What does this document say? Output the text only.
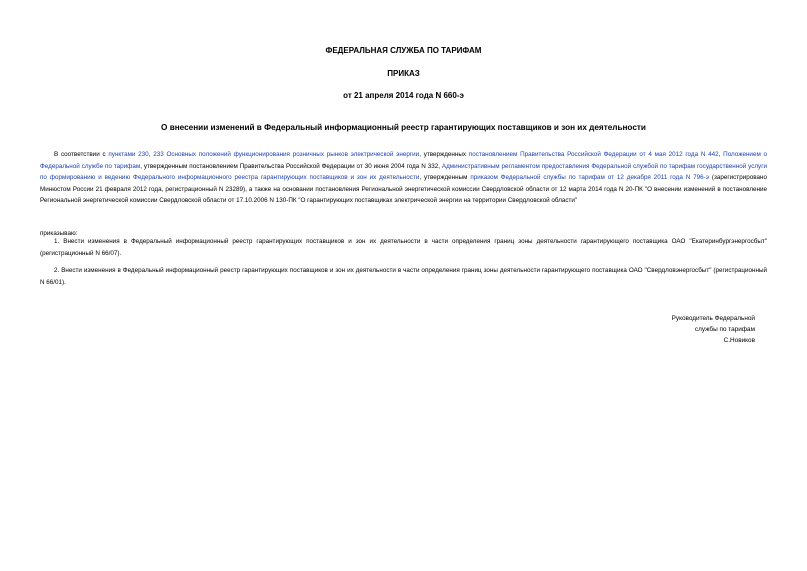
ФЕДЕРАЛЬНАЯ СЛУЖБА ПО ТАРИФАМ
ПРИКАЗ
от 21 апреля 2014 года N 660-э
О внесении изменений в Федеральный информационный реестр гарантирующих поставщиков и зон их деятельности
В соответствии с пунктами 230, 233 Основных положений функционирования розничных рынков электрической энергии, утвержденных постановлением Правительства Российской Федерации от 4 мая 2012 года N 442, Положением о Федеральной службе по тарифам, утвержденным постановлением Правительства Российской Федерации от 30 июня 2004 года N 332, Административным регламентом предоставления Федеральной службой по тарифам государственной услуги по формированию и ведению Федерального информационного реестра гарантирующих поставщиков и зон их деятельности, утвержденным приказом Федеральной службы по тарифам от 12 декабря 2011 года N 796-э (зарегистрировано Минюстом России 21 февраля 2012 года, регистрационный N 23289), а также на основании постановления Региональной энергетической комиссии Свердловской области от 12 марта 2014 года N 20-ПК "О внесении изменений в постановление Региональной энергетической комиссии Свердловской области от 17.10.2006 N 130-ПК "О гарантирующих поставщиках электрической энергии на территории Свердловской области"
приказываю:
1. Внести изменения в Федеральный информационный реестр гарантирующих поставщиков и зон их деятельности в части определения границ зоны деятельности гарантирующего поставщика ОАО "Екатеринбургэнергосбыт" (регистрационный N 66/07).
2. Внести изменения в Федеральный информационный реестр гарантирующих поставщиков и зон их деятельности в части определения границ зоны деятельности гарантирующего поставщика ОАО "Свердловэнергосбыт" (регистрационный N 66/01).
Руководитель Федеральной
службы по тарифам
С.Новиков
